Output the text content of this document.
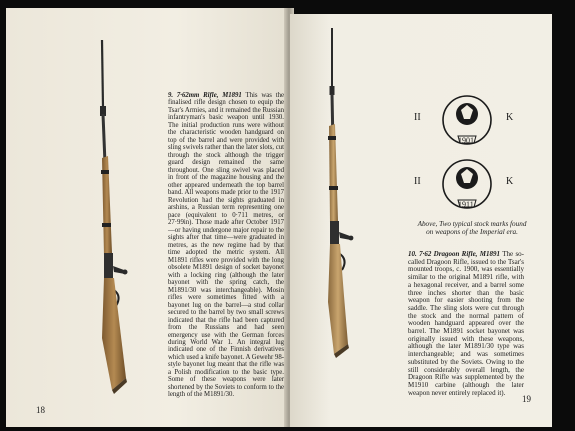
9. 7·62mm Rifle, M1891 This was the finalised rifle design chosen to equip the Tsar's Armies, and it remained the Russian infantryman's basic weapon until 1930. The initial production runs were without the characteristic wooden handguard on top of the barrel and were provided with sling swivels rather than the later slots, cut through the stock although the trigger guard design remained the same throughout. One sling swivel was placed in front of the magazine housing and the other appeared underneath the top barrel band. All weapons made prior to the 1917 Revolution had the sights graduated in arshins, a Russian term representing one pace (equivalent to 0·711 metres, or 27·99in). Those made after October 1917—or having undergone major repair to the sights after that time—were graduated in metres, as the new regime had by that time adopted the metric system. All M1891 rifles were provided with the long obsolete M1891 design of socket bayonet with a locking ring (although the later bayonet with the spring catch, the M1891/30 was interchangeable). Mosin rifles were sometimes fitted with a bayonet lug on the barrel—a stud collar secured to the barrel by two small screws indicated that the rifle had been captured from the Russians and had seen emergency use with the German forces during World War 1. An integral lug indicated one of the Finnish derivatives which used a knife bayonet. A Gewehr 98-style bayonet lug meant that the rifle was a Polish modification to the basic type. Some of these weapons were later shortened by the Soviets to conform to the length of the M1891/30.

18
II	K
1901
II	K
1911
Above, Two typical stock marks found on weapons of the Imperial era.

10. 7·62 Dragoon Rifle, M1891 The so-called Dragoon Rifle, issued to the Tsar's mounted troops, c. 1900, was essentially similar to the original M1891 rifle, with a hexagonal receiver, and a barrel some three inches shorter than the basic weapon for easier shooting from the saddle. The sling slots were cut through the stock and the normal pattern of wooden handguard appeared over the barrel. The M1891 socket bayonet was originally issued with these weapons, although the later M1891/30 type was interchangeable; and was sometimes substituted by the Soviets. Owing to the still considerably overall length, the Dragoon Rifle was supplemented by the M1910 carbine (although the later weapon never entirely replaced it).

19
